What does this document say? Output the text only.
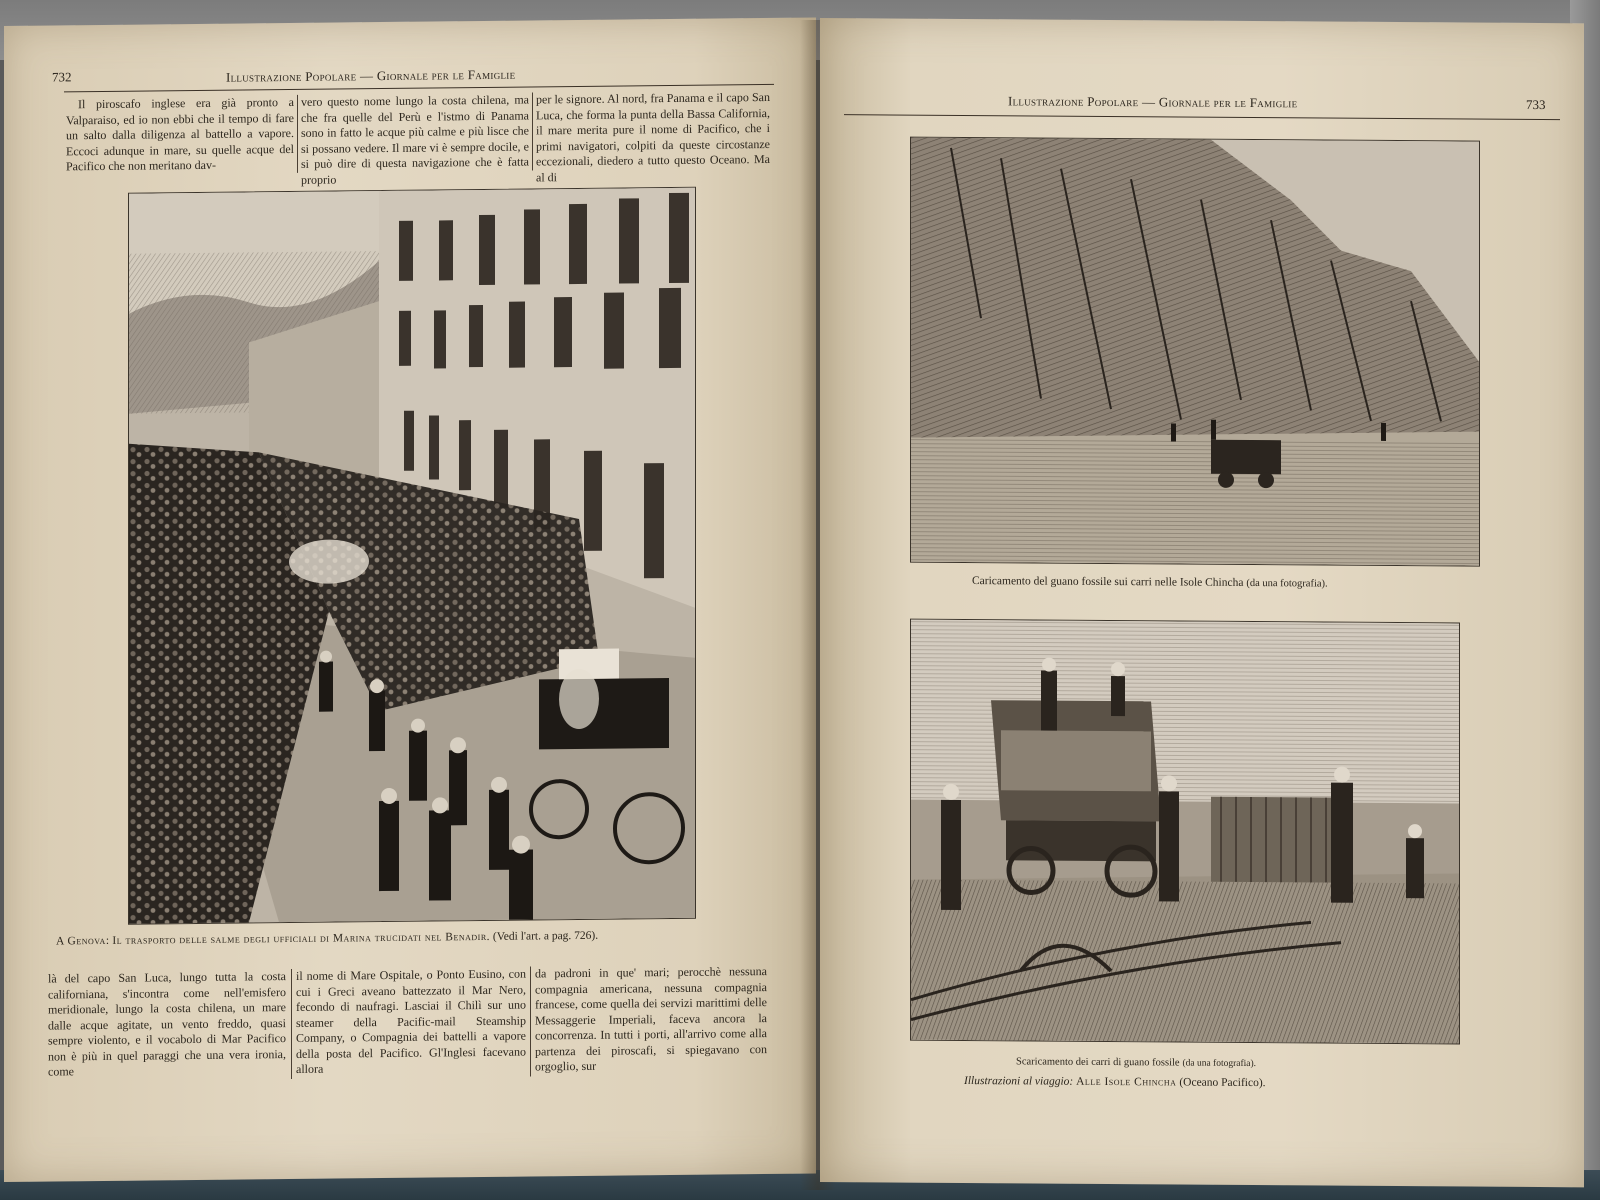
732	Illustrazione Popolare — Giornale per le Famiglie

Il piroscafo inglese era già pronto a Valparaiso, ed io non ebbi che il tempo di fare un salto dalla diligenza al battello a vapore. Eccoci adunque in mare, su quelle acque del Pacifico che non meritano dav-

vero questo nome lungo la costa chilena, ma che fra quelle del Perù e l'istmo di Panama sono in fatto le acque più calme e più lisce che si possano vedere. Il mare vi è sempre docile, e si può dire di questa navigazione che è fatta proprio

per le signore. Al nord, fra Panama e il capo San Luca, che forma la punta della Bassa California, il mare merita pure il nome di Pacifico, che i primi navigatori, colpiti da queste circostanze eccezionali, diedero a tutto questo Oceano. Ma al di

A Genova: Il trasporto delle salme degli ufficiali di Marina trucidati nel Benadir. (Vedi l'art. a pag. 726).

là del capo San Luca, lungo tutta la costa californiana, s'incontra come nell'emisfero meridionale, lungo la costa chilena, un mare dalle acque agitate, un vento freddo, quasi sempre violento, e il vocabolo di Mar Pacifico non è più in quel paraggi che una vera ironia, come

il nome di Mare Ospitale, o Ponto Eusino, con cui i Greci aveano battezzato il Mar Nero, fecondo di naufragi. Lasciai il Chilì sur uno steamer della Pacific-mail Steamship Company, o Compagnia dei battelli a vapore della posta del Pacifico. Gl'Inglesi facevano allora

da padroni in que' mari; perocchè nessuna compagnia americana, nessuna compagnia francese, come quella dei servizi marittimi delle Messaggerie Imperiali, faceva ancora la concorrenza. In tutti i porti, all'arrivo come alla partenza dei piroscafi, si spiegavano con orgoglio, sur

Illustrazione Popolare — Giornale per le Famiglie	733
Caricamento del guano fossile sui carri nelle Isole Chincha (da una fotografia).
Scaricamento dei carri di guano fossile (da una fotografia).
Illustrazioni al viaggio: Alle Isole Chincha (Oceano Pacifico).
